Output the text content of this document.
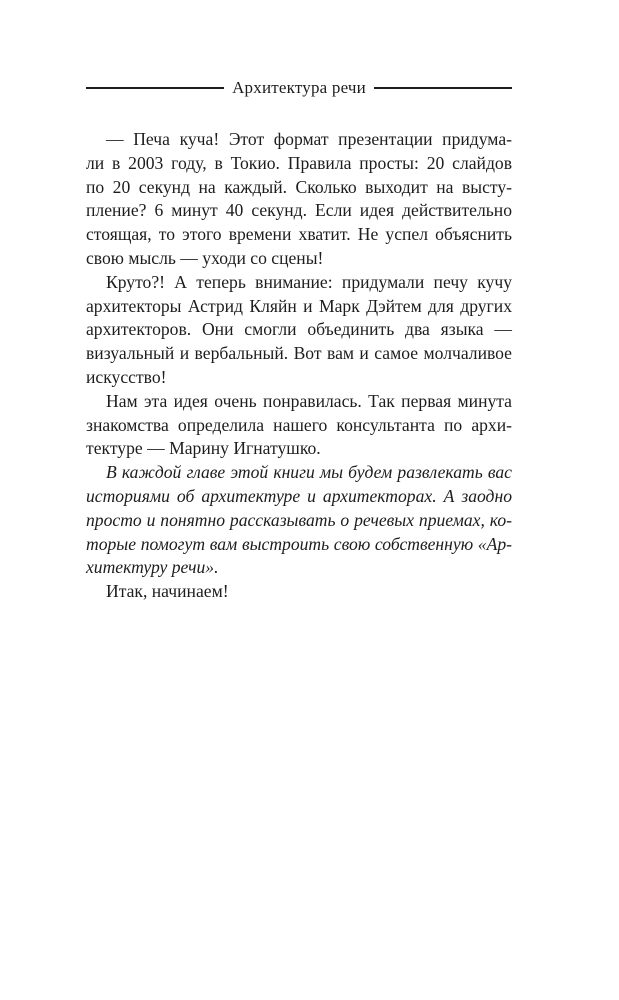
Архитектура речи

— Печа куча! Этот формат презентации придума-
ли в 2003 году, в Токио. Правила просты: 20 слайдов
по 20 секунд на каждый. Сколько выходит на высту-
пление? 6 минут 40 секунд. Если идея действительно
стоящая, то этого времени хватит. Не успел объяснить
свою мысль — уходи со сцены!

Круто?! А теперь внимание: придумали печу кучу
архитекторы Астрид Кляйн и Марк Дэйтем для других
архитекторов. Они смогли объединить два языка —
визуальный и вербальный. Вот вам и самое молчаливое
искусство!

Нам эта идея очень понравилась. Так первая минута
знакомства определила нашего консультанта по архи-
тектуре — Марину Игнатушко.

В каждой главе этой книги мы будем развлекать вас
историями об архитектуре и архитекторах. А заодно
просто и понятно рассказывать о речевых приемах, ко-
торые помогут вам выстроить свою собственную «Ар-
хитектуру речи».

Итак, начинаем!
